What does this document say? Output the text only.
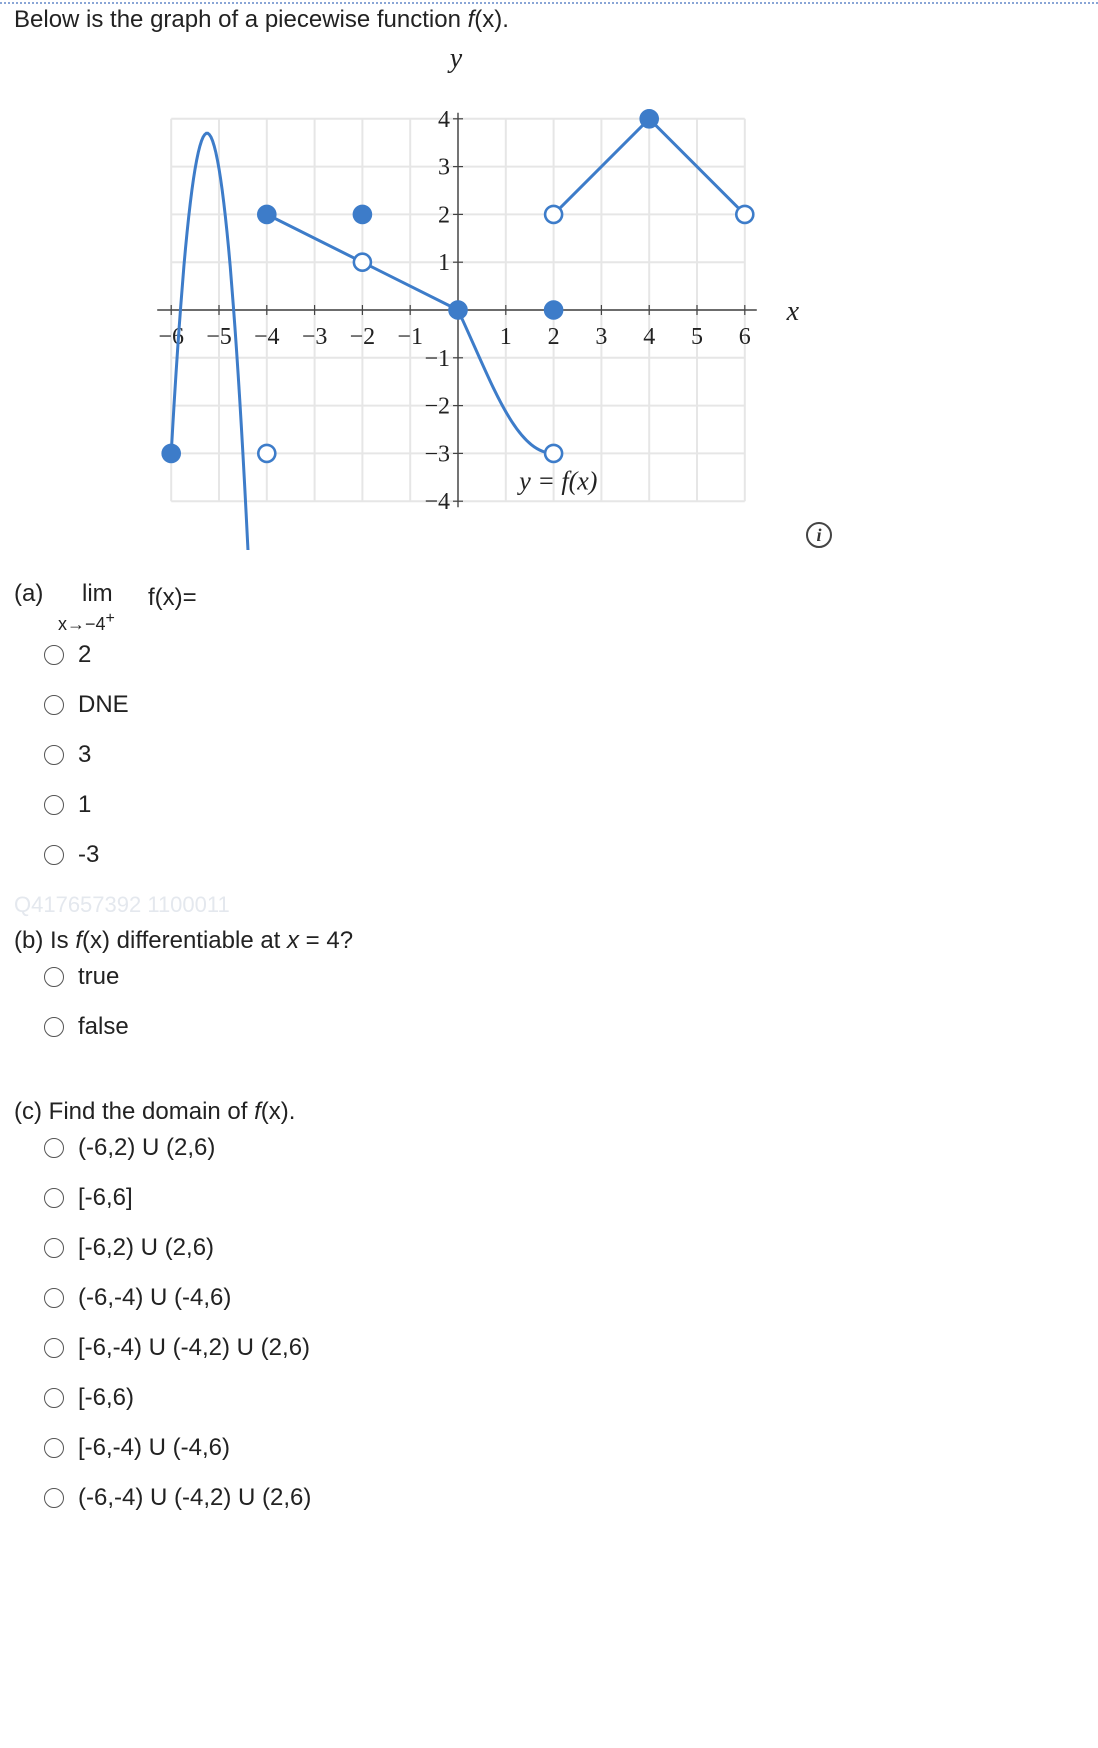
Below is the graph of a piecewise function f(x).
−6 −5 −4 −3 −2 −1	1 2 3 4 5 6
4
3
2
1
−1
−2
−3
−4
y
x
y = f(x)
i
(a) lim
x→−4+
f(x)=
2
DNE
3
1
-3
Q417657392 1100011
(b) Is f(x) differentiable at x = 4?
true
false
(c) Find the domain of f(x).
(-6,2) U (2,6)
[-6,6]
[-6,2) U (2,6)
(-6,-4) U (-4,6)
[-6,-4) U (-4,2) U (2,6)
[-6,6)
[-6,-4) U (-4,6)
(-6,-4) U (-4,2) U (2,6)
